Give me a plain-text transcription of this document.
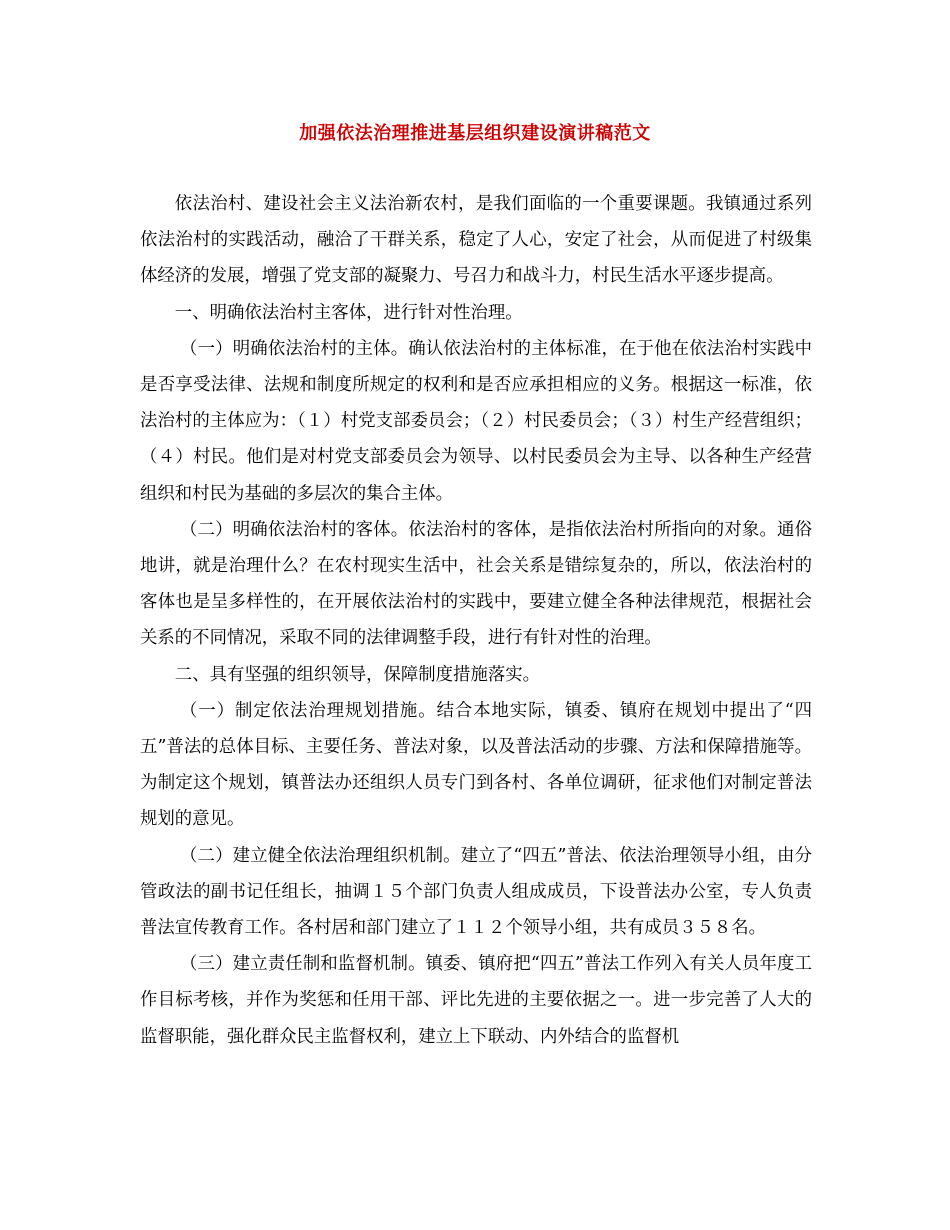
加强依法治理推进基层组织建设演讲稿范文

依法治村、建设社会主义法治新农村，是我们面临的一个重要课题。我镇通过系列依法治村的实践活动，融洽了干群关系，稳定了人心，安定了社会，从而促进了村级集体经济的发展，增强了党支部的凝聚力、号召力和战斗力，村民生活水平逐步提高。

一、明确依法治村主客体，进行针对性治理。

（一）明确依法治村的主体。确认依法治村的主体标准，在于他在依法治村实践中是否享受法律、法规和制度所规定的权利和是否应承担相应的义务。根据这一标准，依法治村的主体应为：（１）村党支部委员会；（２）村民委员会；（３）村生产经营组织；（４）村民。他们是对村党支部委员会为领导、以村民委员会为主导、以各种生产经营组织和村民为基础的多层次的集合主体。

（二）明确依法治村的客体。依法治村的客体，是指依法治村所指向的对象。通俗地讲，就是治理什么？在农村现实生活中，社会关系是错综复杂的，所以，依法治村的客体也是呈多样性的，在开展依法治村的实践中，要建立健全各种法律规范，根据社会关系的不同情况，采取不同的法律调整手段，进行有针对性的治理。

二、具有坚强的组织领导，保障制度措施落实。

（一）制定依法治理规划措施。结合本地实际，镇委、镇府在规划中提出了“四五”普法的总体目标、主要任务、普法对象，以及普法活动的步骤、方法和保障措施等。为制定这个规划，镇普法办还组织人员专门到各村、各单位调研，征求他们对制定普法规划的意见。

（二）建立健全依法治理组织机制。建立了“四五”普法、依法治理领导小组，由分管政法的副书记任组长，抽调１５个部门负责人组成成员，下设普法办公室，专人负责普法宣传教育工作。各村居和部门建立了１１２个领导小组，共有成员３５８名。

（三）建立责任制和监督机制。镇委、镇府把“四五”普法工作列入有关人员年度工作目标考核，并作为奖惩和任用干部、评比先进的主要依据之一。进一步完善了人大的监督职能，强化群众民主监督权利，建立上下联动、内外结合的监督机
